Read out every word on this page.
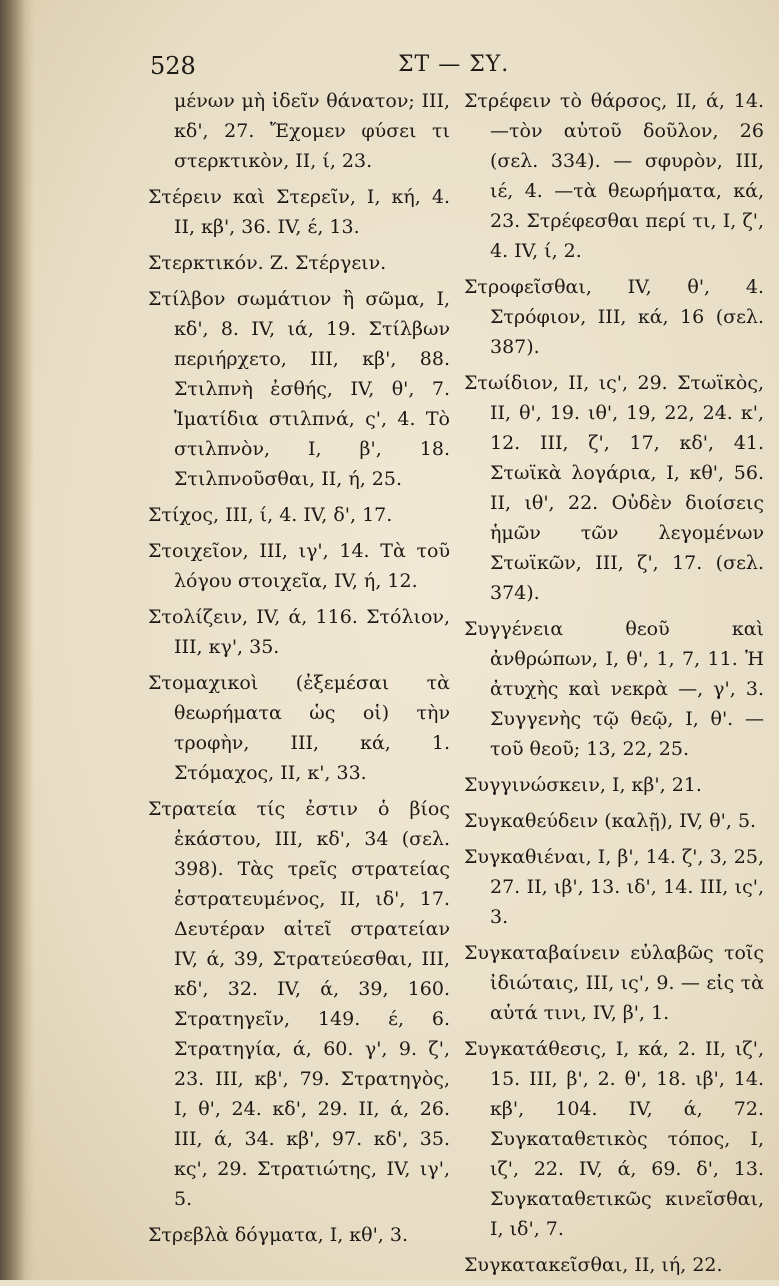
528	ΣΤ — ΣΥ.

μένων μὴ ἰδεῖν θάνατον; III, κδ', 27. Ἔχομεν φύσει τι στερκτικὸν, II, ί, 23.

Στέρειν καὶ Στερεῖν, I, κή, 4. II, κβ', 36. IV, έ, 13.

Στερκτικόν. Ζ. Στέργειν.

Στίλβον σωμάτιον ἢ σῶμα, I, κδ', 8. IV, ιά, 19. Στίλβων περιήρχετο, III, κβ', 88. Στιλπνὴ ἐσθής, IV, θ', 7. Ἱματίδια στιλπνά, ς', 4. Τὸ στιλπνὸν, I, β', 18. Στιλπνοῦσθαι, II, ή, 25.

Στίχος, III, ί, 4. IV, δ', 17.

Στοιχεῖον, III, ιγ', 14. Τὰ τοῦ λόγου στοιχεῖα, IV, ή, 12.

Στολίζειν, IV, ά, 116. Στόλιον, III, κγ', 35.

Στομαχικοὶ (ἐξεμέσαι τὰ θεωρήματα ὡς οἱ) τὴν τροφὴν, III, κά, 1. Στόμαχος, II, κ', 33.

Στρατεία τίς ἐστιν ὁ βίος ἑκάστου, III, κδ', 34 (σελ. 398). Τὰς τρεῖς στρατείας ἐστρατευμένος, II, ιδ', 17. Δευτέραν αἰτεῖ στρατείαν IV, ά, 39, Στρατεύεσθαι, III, κδ', 32. IV, ά, 39, 160. Στρατηγεῖν, 149. έ, 6. Στρατηγία, ά, 60. γ', 9. ζ', 23. III, κβ', 79. Στρατηγὸς, I, θ', 24. κδ', 29. II, ά, 26. III, ά, 34. κβ', 97. κδ', 35. κς', 29. Στρατιώτης, IV, ιγ', 5.

Στρεβλὰ δόγματα, I, κθ', 3.

Στρέφειν τὸ θάρσος, II, ά, 14. —τὸν αὐτοῦ δοῦλον, 26 (σελ. 334). — σφυρὸν, III, ιέ, 4. —τὰ θεωρήματα, κά, 23. Στρέφεσθαι περί τι, I, ζ', 4. IV, ί, 2.

Στροφεῖσθαι, IV, θ', 4. Στρόφιον, III, κά, 16 (σελ. 387).

Στωίδιον, II, ις', 29. Στωϊκὸς, II, θ', 19. ιθ', 19, 22, 24. κ', 12. III, ζ', 17, κδ', 41. Στωϊκὰ λογάρια, I, κθ', 56. II, ιθ', 22. Οὐδὲν διοίσεις ἡμῶν τῶν λεγομένων Στωϊκῶν, III, ζ', 17. (σελ. 374).

Συγγένεια θεοῦ καὶ ἀνθρώπων, I, θ', 1, 7, 11. Ἡ ἀτυχὴς καὶ νεκρὰ —, γ', 3. Συγγενὴς τῷ θεῷ, I, θ'. —τοῦ θεοῦ; 13, 22, 25.

Συγγινώσκειν, I, κβ', 21.

Συγκαθεύδειν (καλῇ), IV, θ', 5.

Συγκαθιέναι, I, β', 14. ζ', 3, 25, 27. II, ιβ', 13. ιδ', 14. III, ις', 3.

Συγκαταβαίνειν εὐλαβῶς τοῖς ἰδιώταις, III, ις', 9. — εἰς τὰ αὐτά τινι, IV, β', 1.

Συγκατάθεσις, I, κά, 2. II, ιζ', 15. III, β', 2. θ', 18. ιβ', 14. κβ', 104. IV, ά, 72. Συγκαταθετικὸς τόπος, I, ιζ', 22. IV, ά, 69. δ', 13. Συγκαταθετικῶς κινεῖσθαι, I, ιδ', 7.

Συγκατακεῖσθαι, II, ιή, 22.
